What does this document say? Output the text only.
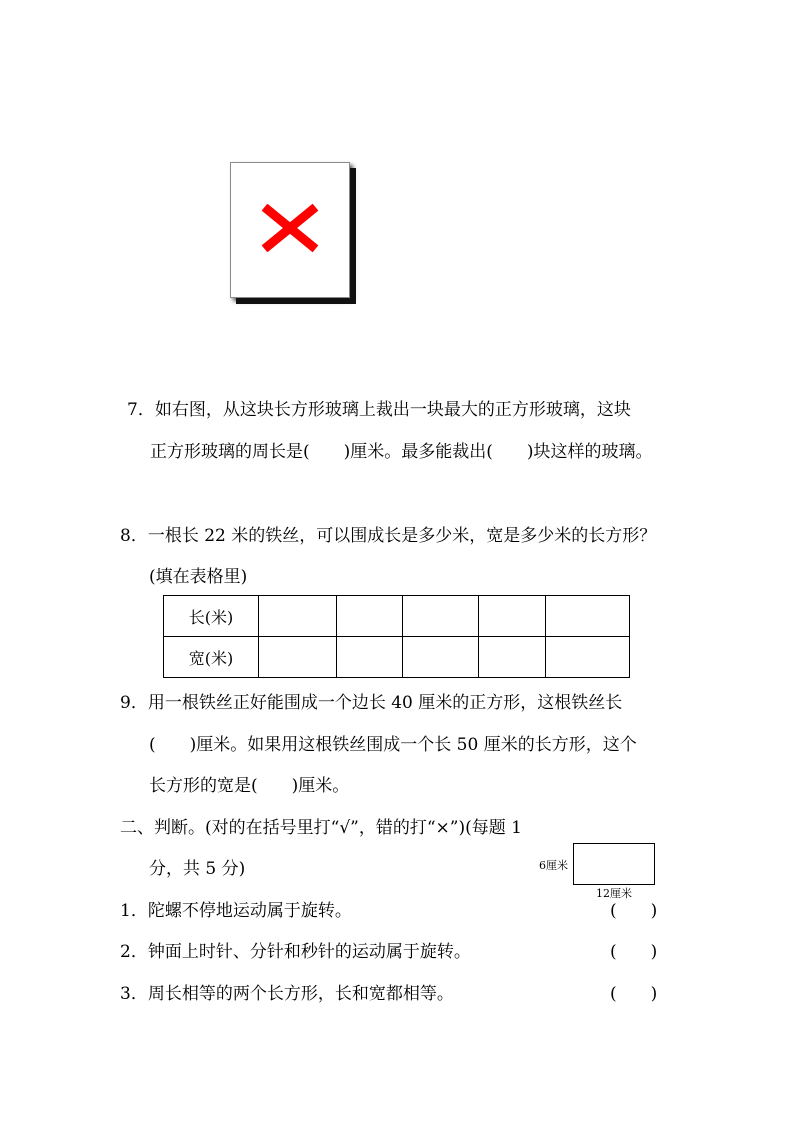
7．如右图，从这块长方形玻璃上裁出一块最大的正方形玻璃，这块
正方形玻璃的周长是(　　)厘米。最多能裁出(　　)块这样的玻璃。
8．一根长 22 米的铁丝，可以围成长是多少米，宽是多少米的长方形？
(填在表格里)
长(米)					
宽(米)					
9．用一根铁丝正好能围成一个边长 40 厘米的正方形，这根铁丝长
(　　)厘米。如果用这根铁丝围成一个长 50 厘米的长方形，这个
长方形的宽是(　　)厘米。
二、判断。(对的在括号里打“√”，错的打“×”)(每题 1
分，共 5 分)	6厘米
12厘米
1．陀螺不停地运动属于旋转。	(　　)
2．钟面上时针、分针和秒针的运动属于旋转。	(　　)
3．周长相等的两个长方形，长和宽都相等。	(　　)
